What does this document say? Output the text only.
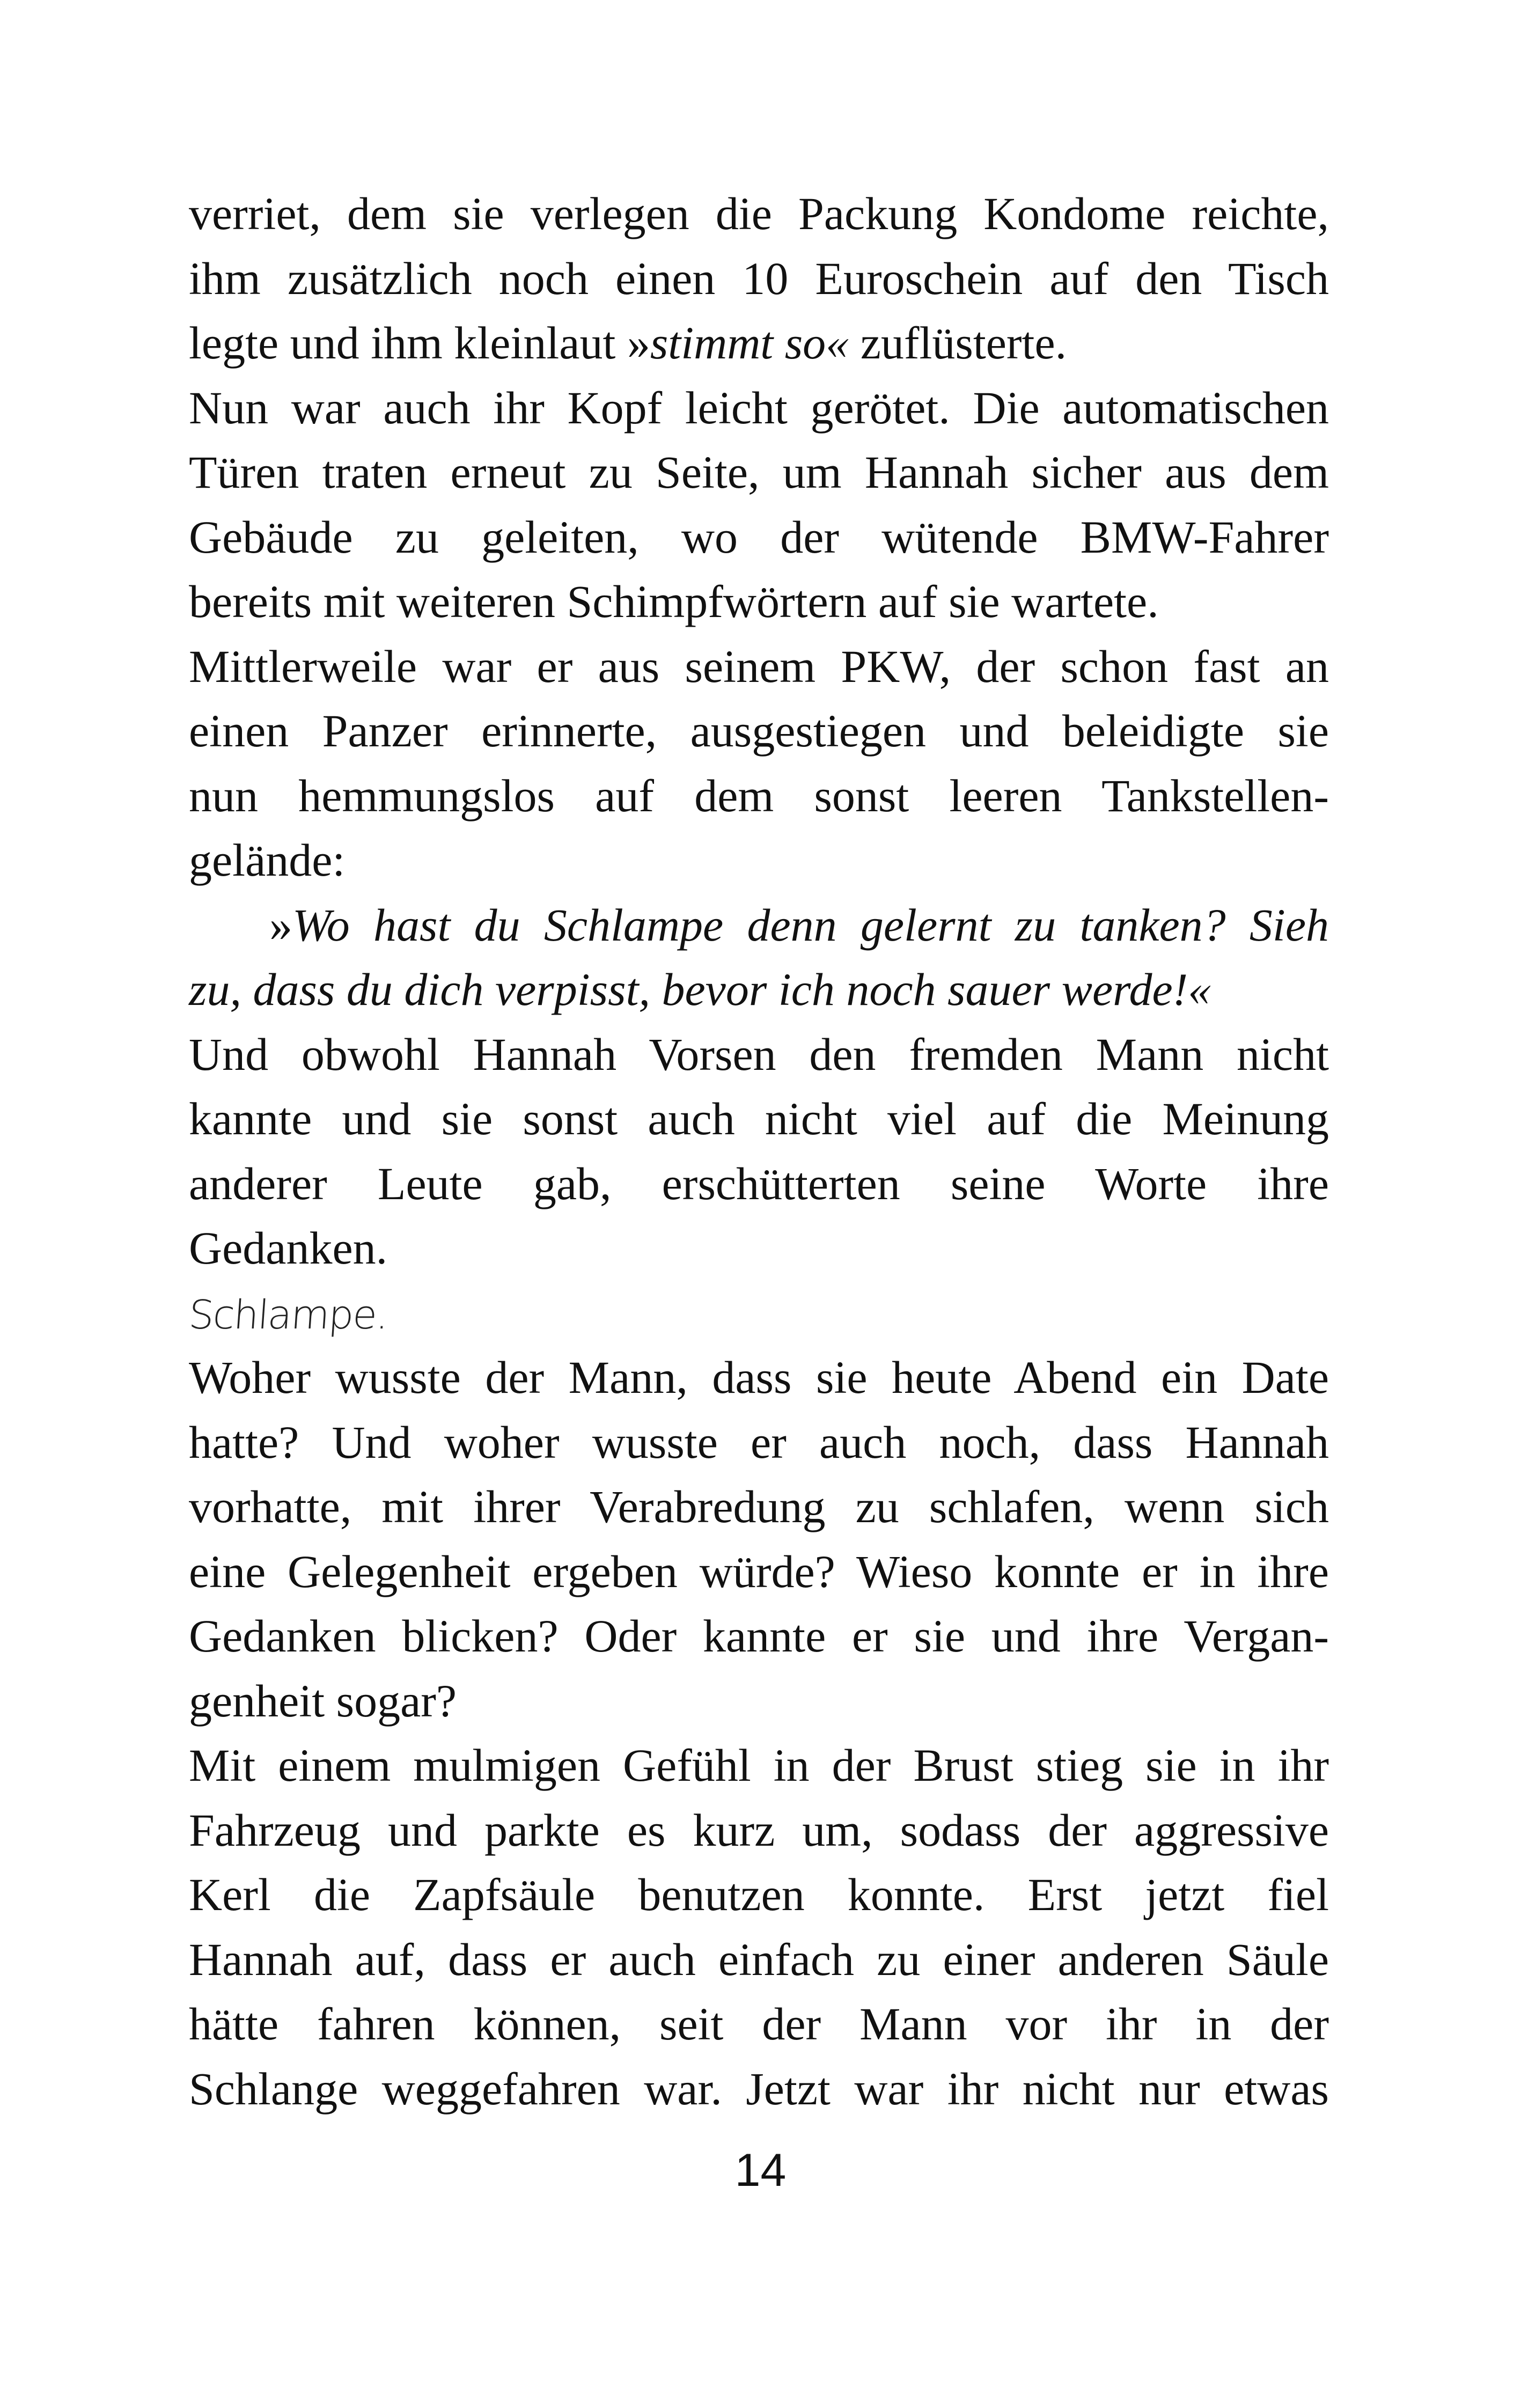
verriet, dem sie verlegen die Packung Kondome reichte,
ihm zusätzlich noch einen 10 Euroschein auf den Tisch
legte und ihm kleinlaut »stimmt so« zuflüsterte.
Nun war auch ihr Kopf leicht gerötet. Die automatischen
Türen traten erneut zu Seite, um Hannah sicher aus dem
Gebäude zu geleiten, wo der wütende BMW-Fahrer
bereits mit weiteren Schimpfwörtern auf sie wartete.
Mittlerweile war er aus seinem PKW, der schon fast an
einen Panzer erinnerte, ausgestiegen und beleidigte sie
nun hemmungslos auf dem sonst leeren Tankstellen-
gelände:
»Wo hast du Schlampe denn gelernt zu tanken? Sieh
zu, dass du dich verpisst, bevor ich noch sauer werde!«
Und obwohl Hannah Vorsen den fremden Mann nicht
kannte und sie sonst auch nicht viel auf die Meinung
anderer Leute gab, erschütterten seine Worte ihre
Gedanken.
Schlampe.
Woher wusste der Mann, dass sie heute Abend ein Date
hatte? Und woher wusste er auch noch, dass Hannah
vorhatte, mit ihrer Verabredung zu schlafen, wenn sich
eine Gelegenheit ergeben würde? Wieso konnte er in ihre
Gedanken blicken? Oder kannte er sie und ihre Vergan-
genheit sogar?
Mit einem mulmigen Gefühl in der Brust stieg sie in ihr
Fahrzeug und parkte es kurz um, sodass der aggressive
Kerl die Zapfsäule benutzen konnte. Erst jetzt fiel
Hannah auf, dass er auch einfach zu einer anderen Säule
hätte fahren können, seit der Mann vor ihr in der
Schlange weggefahren war. Jetzt war ihr nicht nur etwas
14
